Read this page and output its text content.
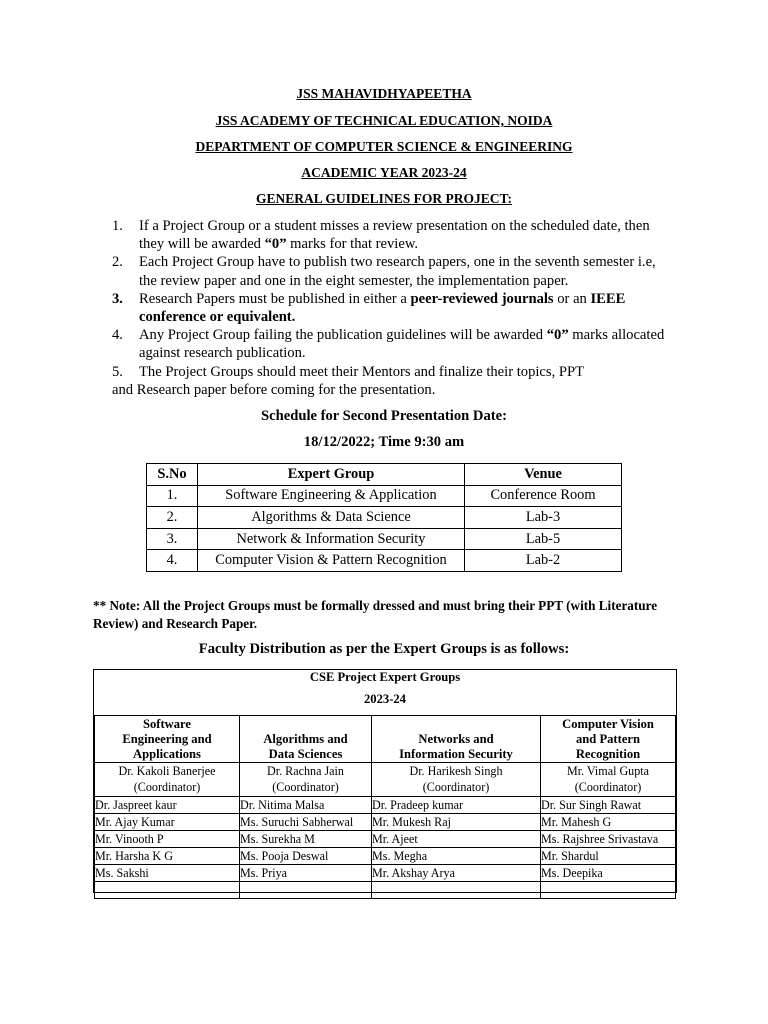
JSS MAHAVIDHYAPEETHA
JSS ACADEMY OF TECHNICAL EDUCATION, NOIDA
DEPARTMENT OF COMPUTER SCIENCE & ENGINEERING
ACADEMIC YEAR 2023-24
GENERAL GUIDELINES FOR PROJECT:
1. If a Project Group or a student misses a review presentation on the scheduled date, then they will be awarded “0” marks for that review.
2. Each Project Group have to publish two research papers, one in the seventh semester i.e, the review paper and one in the eight semester, the implementation paper.
3. Research Papers must be published in either a peer-reviewed journals or an IEEE conference or equivalent.
4. Any Project Group failing the publication guidelines will be awarded “0” marks allocated against research publication.
5. The Project Groups should meet their Mentors and finalize their topics, PPT
and Research paper before coming for the presentation.
Schedule for Second Presentation Date:
18/12/2022; Time 9:30 am
S.No	Expert Group	Venue
1.	Software Engineering & Application	Conference Room
2.	Algorithms & Data Science	Lab-3
3.	Network & Information Security	Lab-5
4.	Computer Vision & Pattern Recognition	Lab-2
** Note: All the Project Groups must be formally dressed and must bring their PPT (with Literature Review) and Research Paper.
Faculty Distribution as per the Expert Groups is as follows:
CSE Project Expert Groups
2023-24
Software
Engineering and
Applications	Algorithms and
Data Sciences	Networks and
Information Security	Computer Vision
and Pattern
Recognition
Dr. Kakoli Banerjee
(Coordinator)	Dr. Rachna Jain
(Coordinator)	Dr. Harikesh Singh
(Coordinator)	Mr. Vimal Gupta
(Coordinator)
Dr. Jaspreet kaur	Dr. Nitima Malsa	Dr. Pradeep kumar	Dr. Sur Singh Rawat
Mr. Ajay Kumar	Ms. Suruchi Sabherwal	Mr. Mukesh Raj	Mr. Mahesh G
Mr. Vinooth P	Ms. Surekha M	Mr. Ajeet	Ms. Rajshree Srivastava
Mr. Harsha K G	Ms. Pooja Deswal	Ms. Megha	Mr. Shardul
Ms. Sakshi	Ms. Priya	Mr. Akshay Arya	Ms. Deepika
